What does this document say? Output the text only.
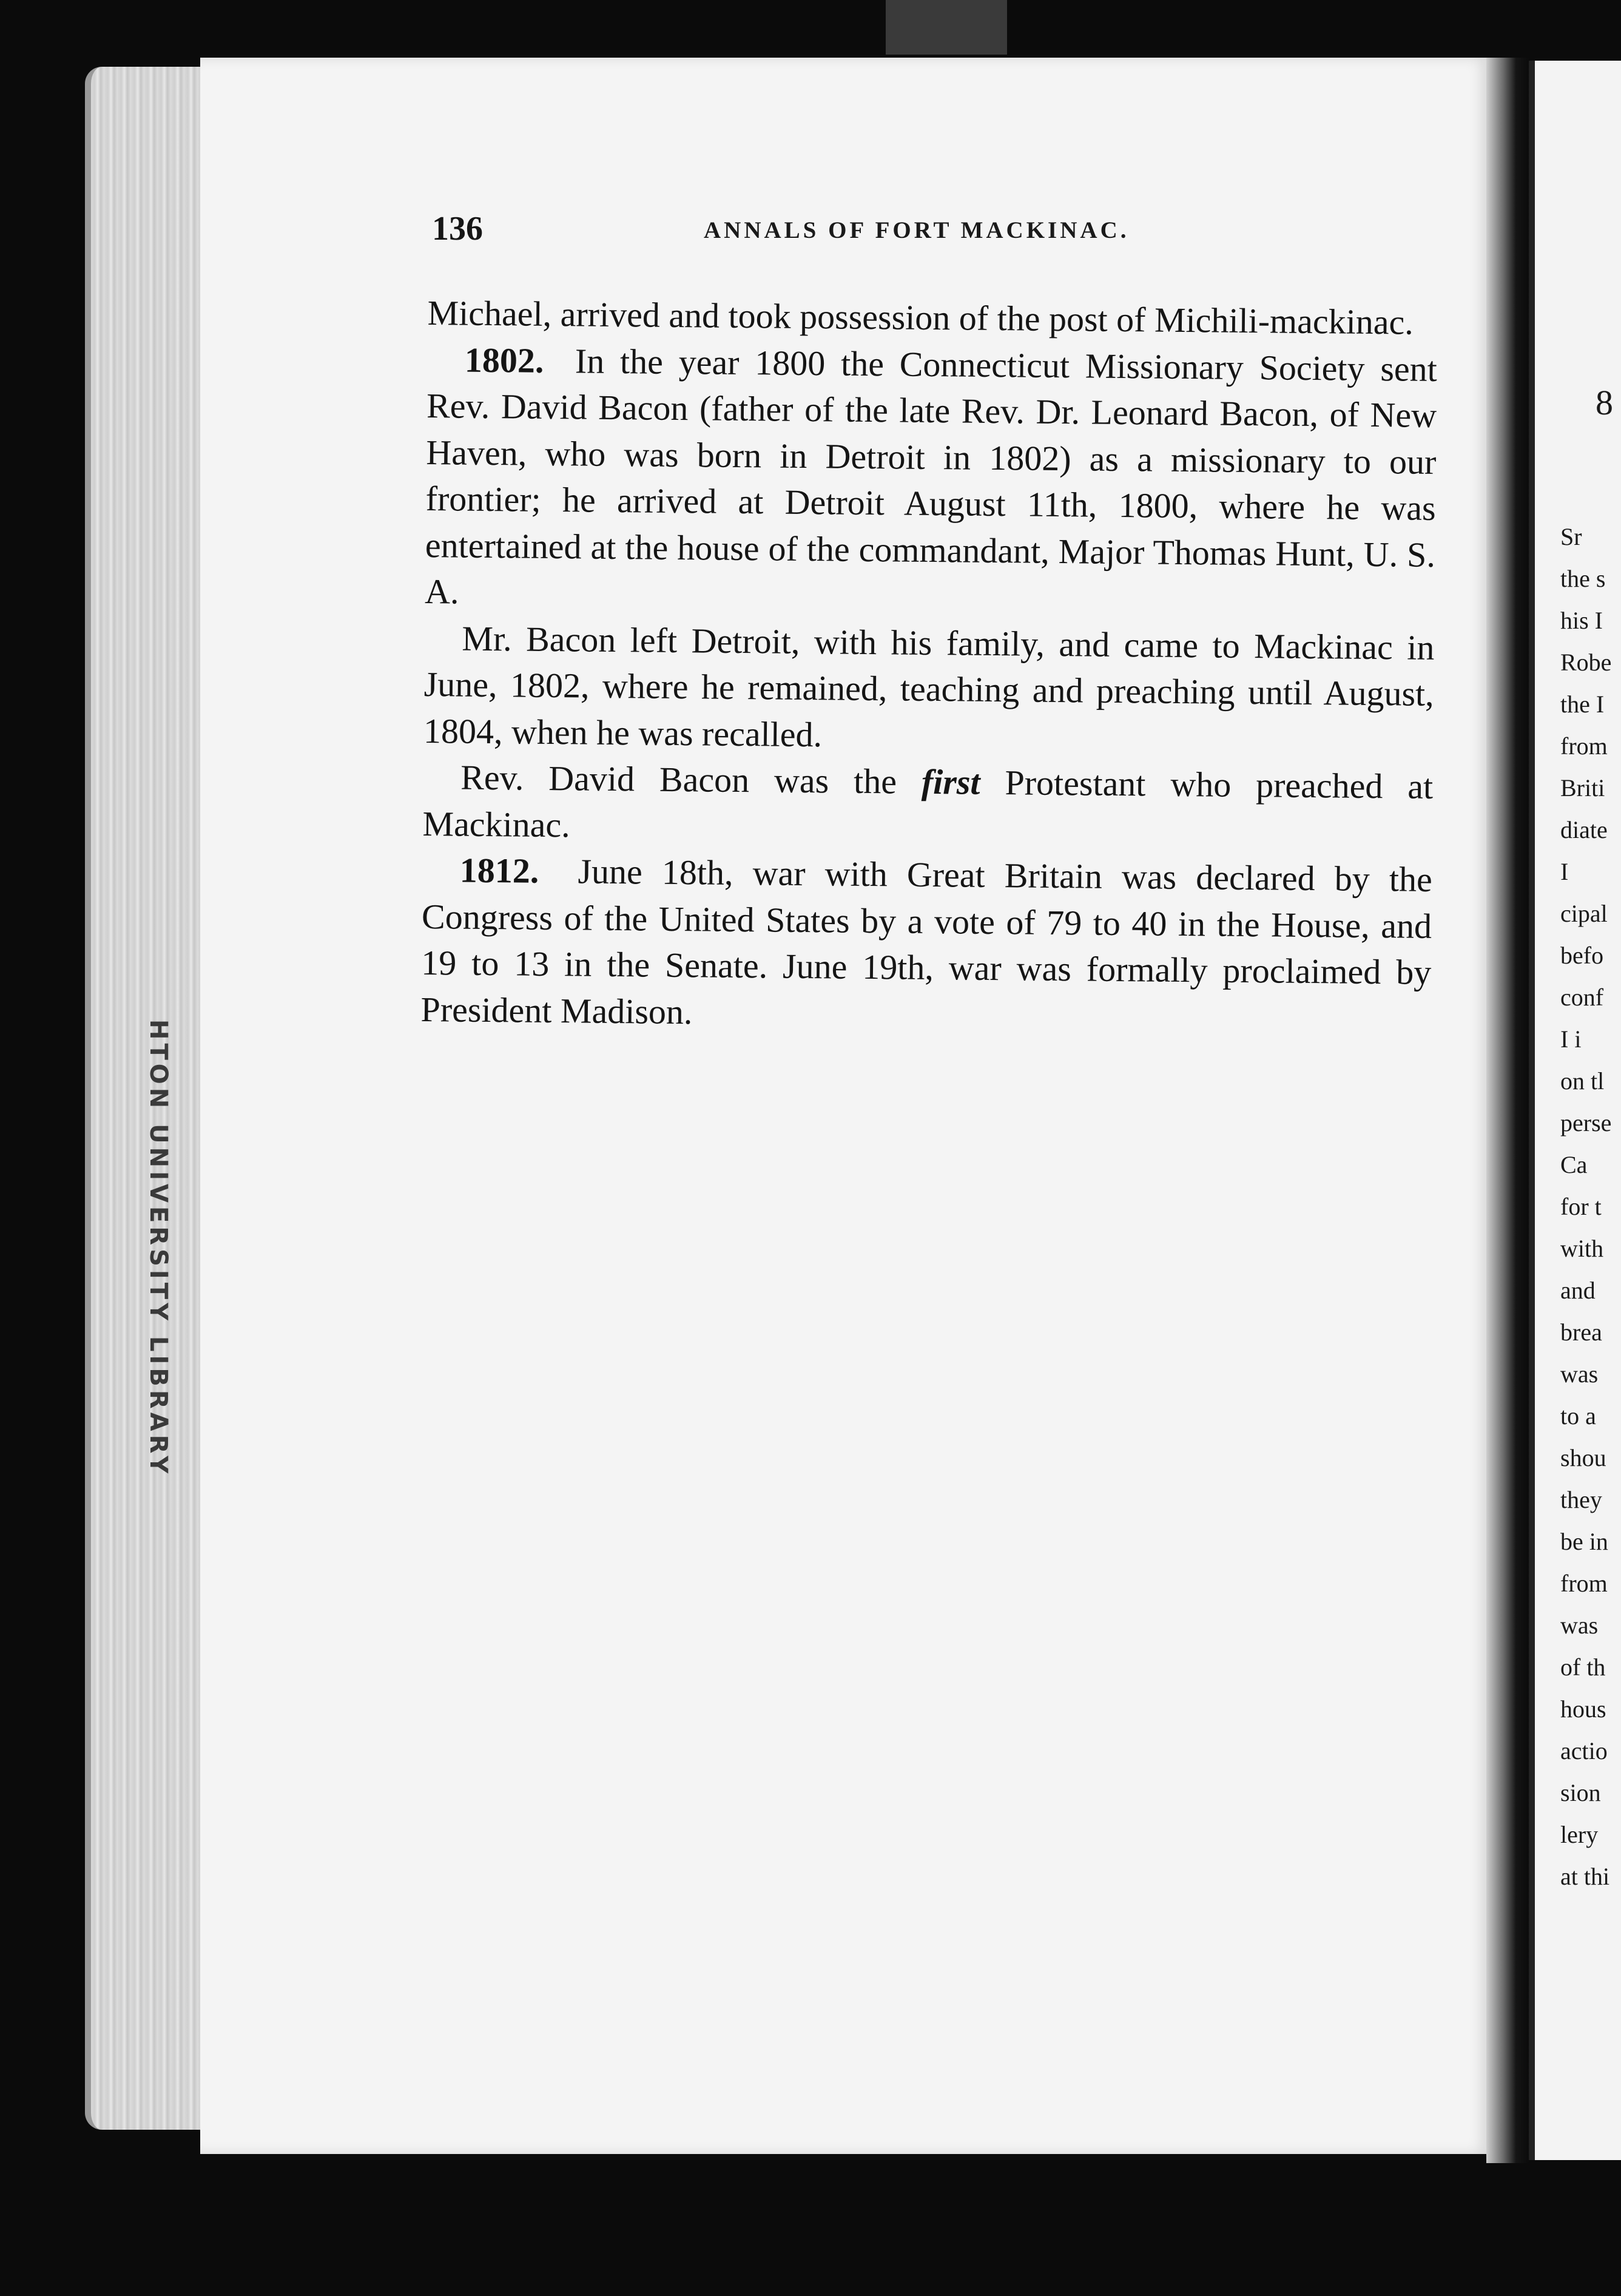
HTON UNIVERSITY LIBRARY
136	ANNALS OF FORT MACKINAC.

Michael, arrived and took possession of the post of Michili-mackinac.

1802. In the year 1800 the Connecticut Missionary Society sent Rev. David Bacon (father of the late Rev. Dr. Leonard Bacon, of New Haven, who was born in Detroit in 1802) as a missionary to our frontier; he arrived at Detroit August 11th, 1800, where he was entertained at the house of the commandant, Major Thomas Hunt, U. S. A.

Mr. Bacon left Detroit, with his family, and came to Mackinac in June, 1802, where he remained, teaching and preaching until August, 1804, when he was recalled.

Rev. David Bacon was the first Protestant who preached at Mackinac.

1812. June 18th, war with Great Britain was declared by the Congress of the United States by a vote of 79 to 40 in the House, and 19 to 13 in the Senate. June 19th, war was formally proclaimed by President Madison.

8
Sr
the s
his I
Robe
the I
from
Briti
diate
I
cipal
befo
conf
I i
on tl
perse
Ca
for t
with
and
brea
was
to a
shou
they
be in
from
was
of th
hous
actio
sion
lery
at thi
